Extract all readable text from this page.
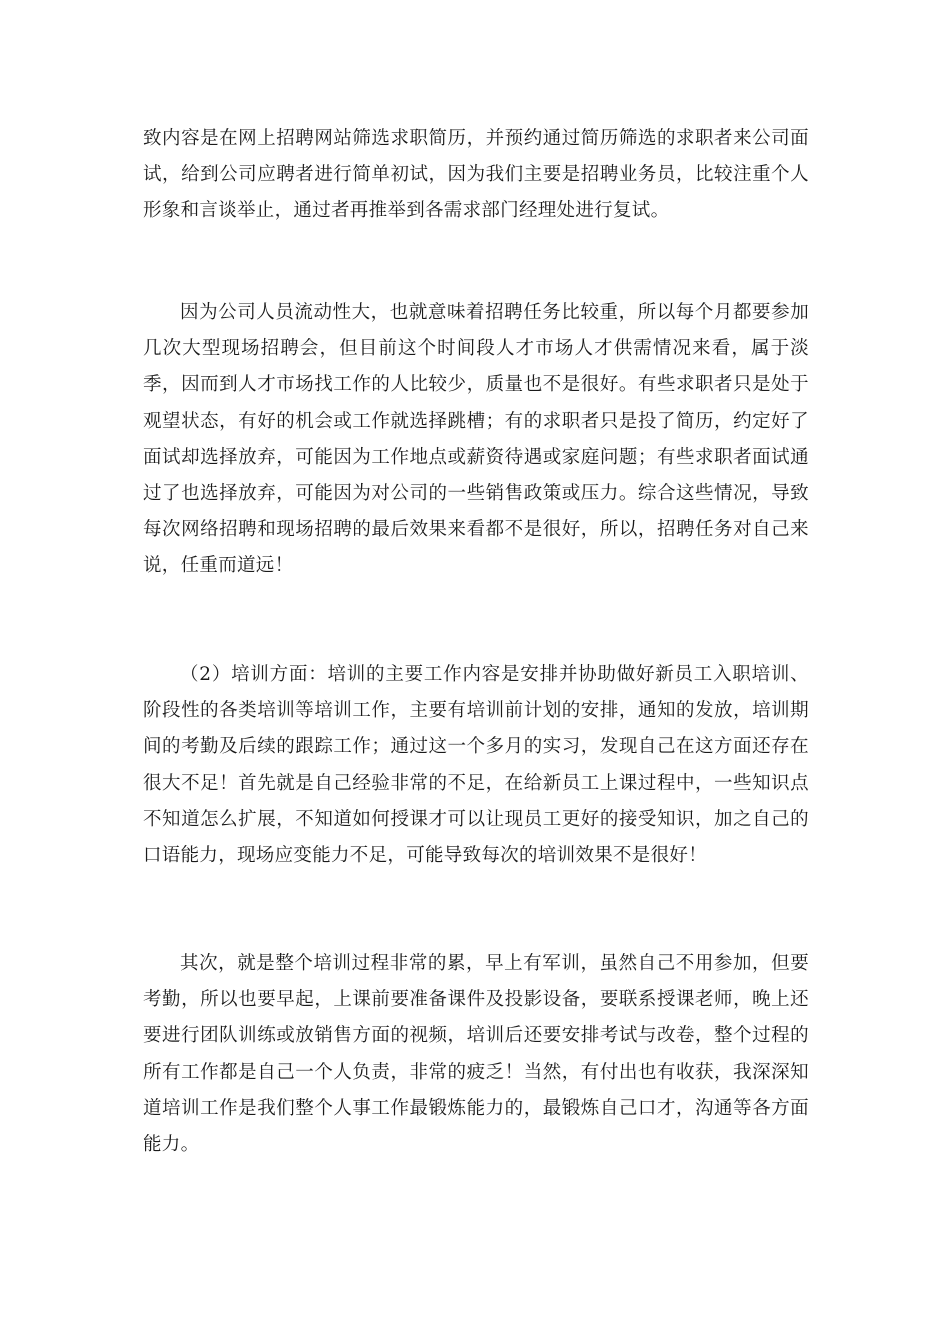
致内容是在网上招聘网站筛选求职简历，并预约通过简历筛选的求职者来公司面试，给到公司应聘者进行简单初试，因为我们主要是招聘业务员，比较注重个人形象和言谈举止，通过者再推举到各需求部门经理处进行复试。

因为公司人员流动性大，也就意味着招聘任务比较重，所以每个月都要参加几次大型现场招聘会，但目前这个时间段人才市场人才供需情况来看，属于淡季，因而到人才市场找工作的人比较少，质量也不是很好。有些求职者只是处于观望状态，有好的机会或工作就选择跳槽；有的求职者只是投了简历，约定好了面试却选择放弃，可能因为工作地点或薪资待遇或家庭问题；有些求职者面试通过了也选择放弃，可能因为对公司的一些销售政策或压力。综合这些情况，导致每次网络招聘和现场招聘的最后效果来看都不是很好，所以，招聘任务对自己来说，任重而道远！

（2）培训方面：培训的主要工作内容是安排并协助做好新员工入职培训、阶段性的各类培训等培训工作，主要有培训前计划的安排，通知的发放，培训期间的考勤及后续的跟踪工作；通过这一个多月的实习，发现自己在这方面还存在很大不足！首先就是自己经验非常的不足，在给新员工上课过程中，一些知识点不知道怎么扩展，不知道如何授课才可以让现员工更好的接受知识，加之自己的口语能力，现场应变能力不足，可能导致每次的培训效果不是很好！

其次，就是整个培训过程非常的累，早上有军训，虽然自己不用参加，但要考勤，所以也要早起，上课前要准备课件及投影设备，要联系授课老师，晚上还要进行团队训练或放销售方面的视频，培训后还要安排考试与改卷，整个过程的所有工作都是自己一个人负责，非常的疲乏！当然，有付出也有收获，我深深知道培训工作是我们整个人事工作最锻炼能力的，最锻炼自己口才，沟通等各方面能力。
